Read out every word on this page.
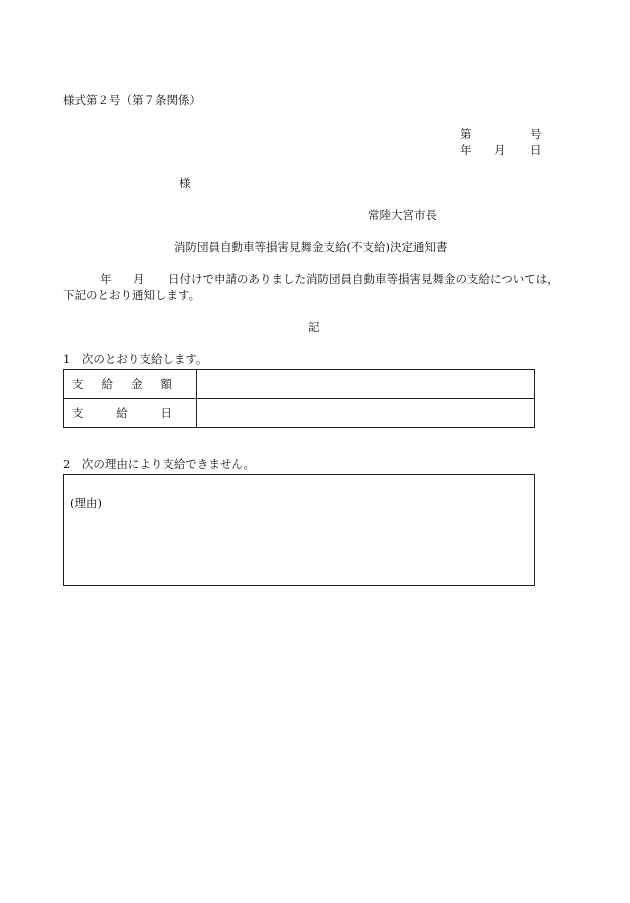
様式第２号（第７条関係）
第	号
年 月 日
様
常陸大宮市長
消防団員自動車等損害見舞金支給(不支給)決定通知書
年 月 日付けで申請のありました消防団員自動車等損害見舞金の支給については，
下記のとおり通知します。
記
1　次のとおり支給します。
支 給 金 額
支	給	日
2　次の理由により支給できません。
(理由)
